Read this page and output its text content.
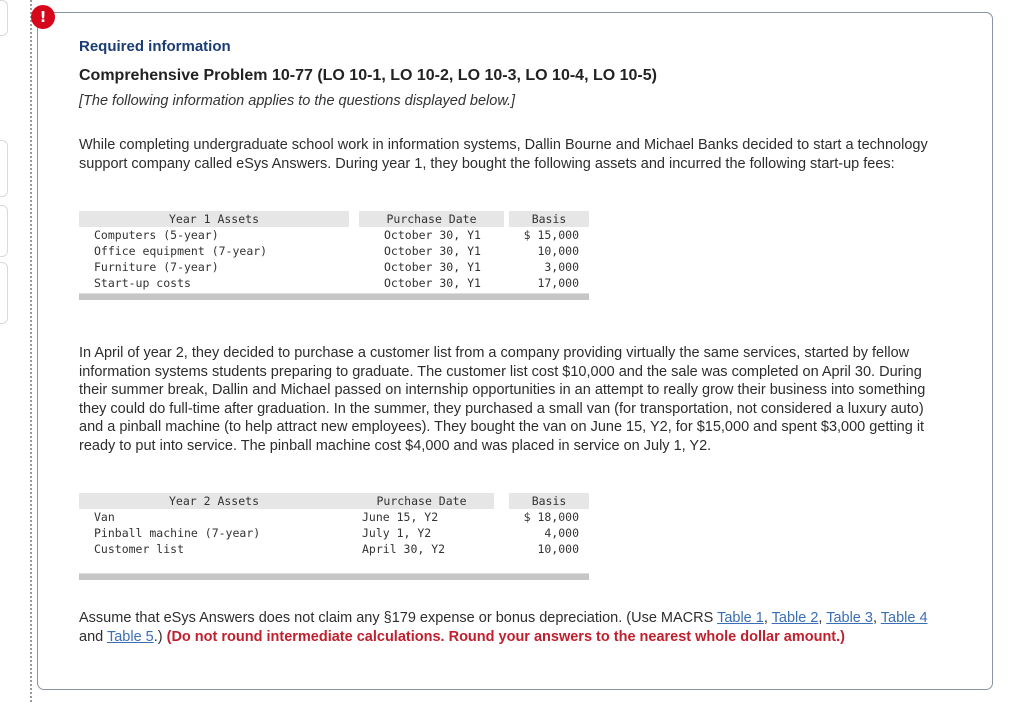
!
Required information
Comprehensive Problem 10-77 (LO 10-1, LO 10-2, LO 10-3, LO 10-4, LO 10-5)

[The following information applies to the questions displayed below.]

While completing undergraduate school work in information systems, Dallin Bourne and Michael Banks decided to start a technology support company called eSys Answers. During year 1, they bought the following assets and incurred the following start-up fees:

In April of year 2, they decided to purchase a customer list from a company providing virtually the same services, started by fellow information systems students preparing to graduate. The customer list cost $10,000 and the sale was completed on April 30. During their summer break, Dallin and Michael passed on internship opportunities in an attempt to really grow their business into something they could do full-time after graduation. In the summer, they purchased a small van (for transportation, not considered a luxury auto) and a pinball machine (to help attract new employees). They bought the van on June 15, Y2, for $15,000 and spent $3,000 getting it ready to put into service. The pinball machine cost $4,000 and was placed in service on July 1, Y2.

Assume that eSys Answers does not claim any §179 expense or bonus depreciation. (Use MACRS Table 1, Table 2, Table 3, Table 4 and Table 5.) (Do not round intermediate calculations. Round your answers to the nearest whole dollar amount.)

Year 1 Assets	Purchase Date	Basis
Computers (5-year)	October 30, Y1	$ 15,000
Office equipment (7-year)	October 30, Y1	10,000
Furniture (7-year)	October 30, Y1	3,000
Start-up costs	October 30, Y1	17,000
Year 2 Assets	Purchase Date	Basis
Van	June 15, Y2	$ 18,000
Pinball machine (7-year)	July 1, Y2	4,000
Customer list	April 30, Y2	10,000
